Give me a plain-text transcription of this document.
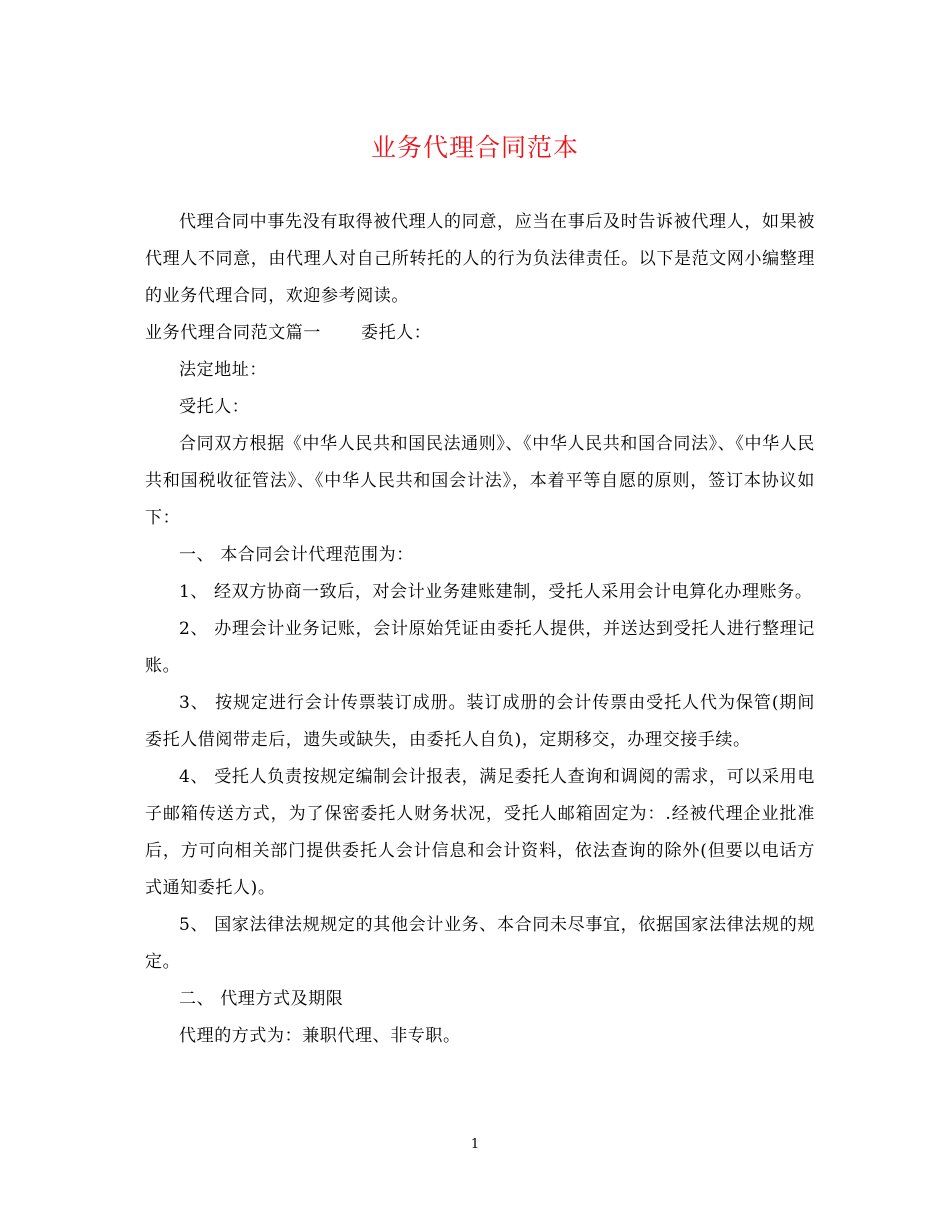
业务代理合同范本

代理合同中事先没有取得被代理人的同意，应当在事后及时告诉被代理人，如果被代理人不同意，由代理人对自己所转托的人的行为负法律责任。以下是范文网小编整理的业务代理合同，欢迎参考阅读。

业务代理合同范文篇一 委托人：

法定地址：

受托人：

合同双方根据《中华人民共和国民法通则》、《中华人民共和国合同法》、《中华人民共和国税收征管法》、《中华人民共和国会计法》，本着平等自愿的原则，签订本协议如下：

一、 本合同会计代理范围为：

1、 经双方协商一致后，对会计业务建账建制，受托人采用会计电算化办理账务。

2、 办理会计业务记账，会计原始凭证由委托人提供，并送达到受托人进行整理记账。

3、 按规定进行会计传票装订成册。装订成册的会计传票由受托人代为保管(期间委托人借阅带走后，遗失或缺失，由委托人自负)，定期移交，办理交接手续。

4、 受托人负责按规定编制会计报表，满足委托人查询和调阅的需求，可以采用电子邮箱传送方式，为了保密委托人财务状况，受托人邮箱固定为：.经被代理企业批准后，方可向相关部门提供委托人会计信息和会计资料，依法查询的除外(但要以电话方式通知委托人)。

5、 国家法律法规规定的其他会计业务、本合同未尽事宜，依据国家法律法规的规定。

二、 代理方式及期限

代理的方式为：兼职代理、非专职。

1
